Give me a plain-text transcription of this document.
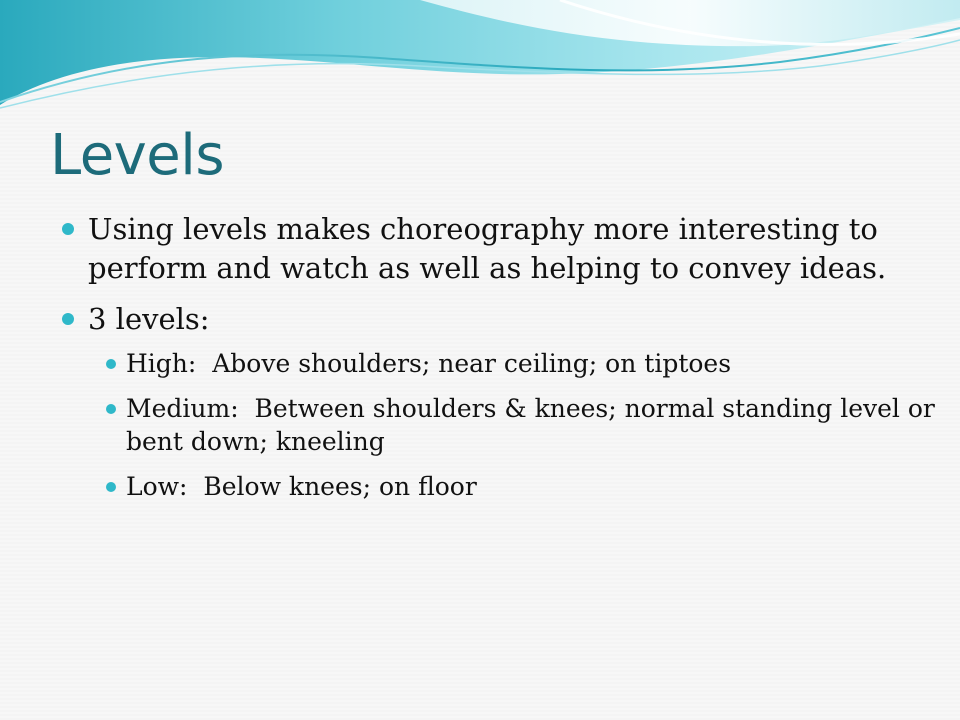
Levels
Using levels makes choreography more interesting to perform and watch as well as helping to convey ideas.
3 levels:
High:  Above shoulders; near ceiling; on tiptoes
Medium:  Between shoulders & knees; normal standing level or bent down; kneeling
Low:  Below knees; on floor
